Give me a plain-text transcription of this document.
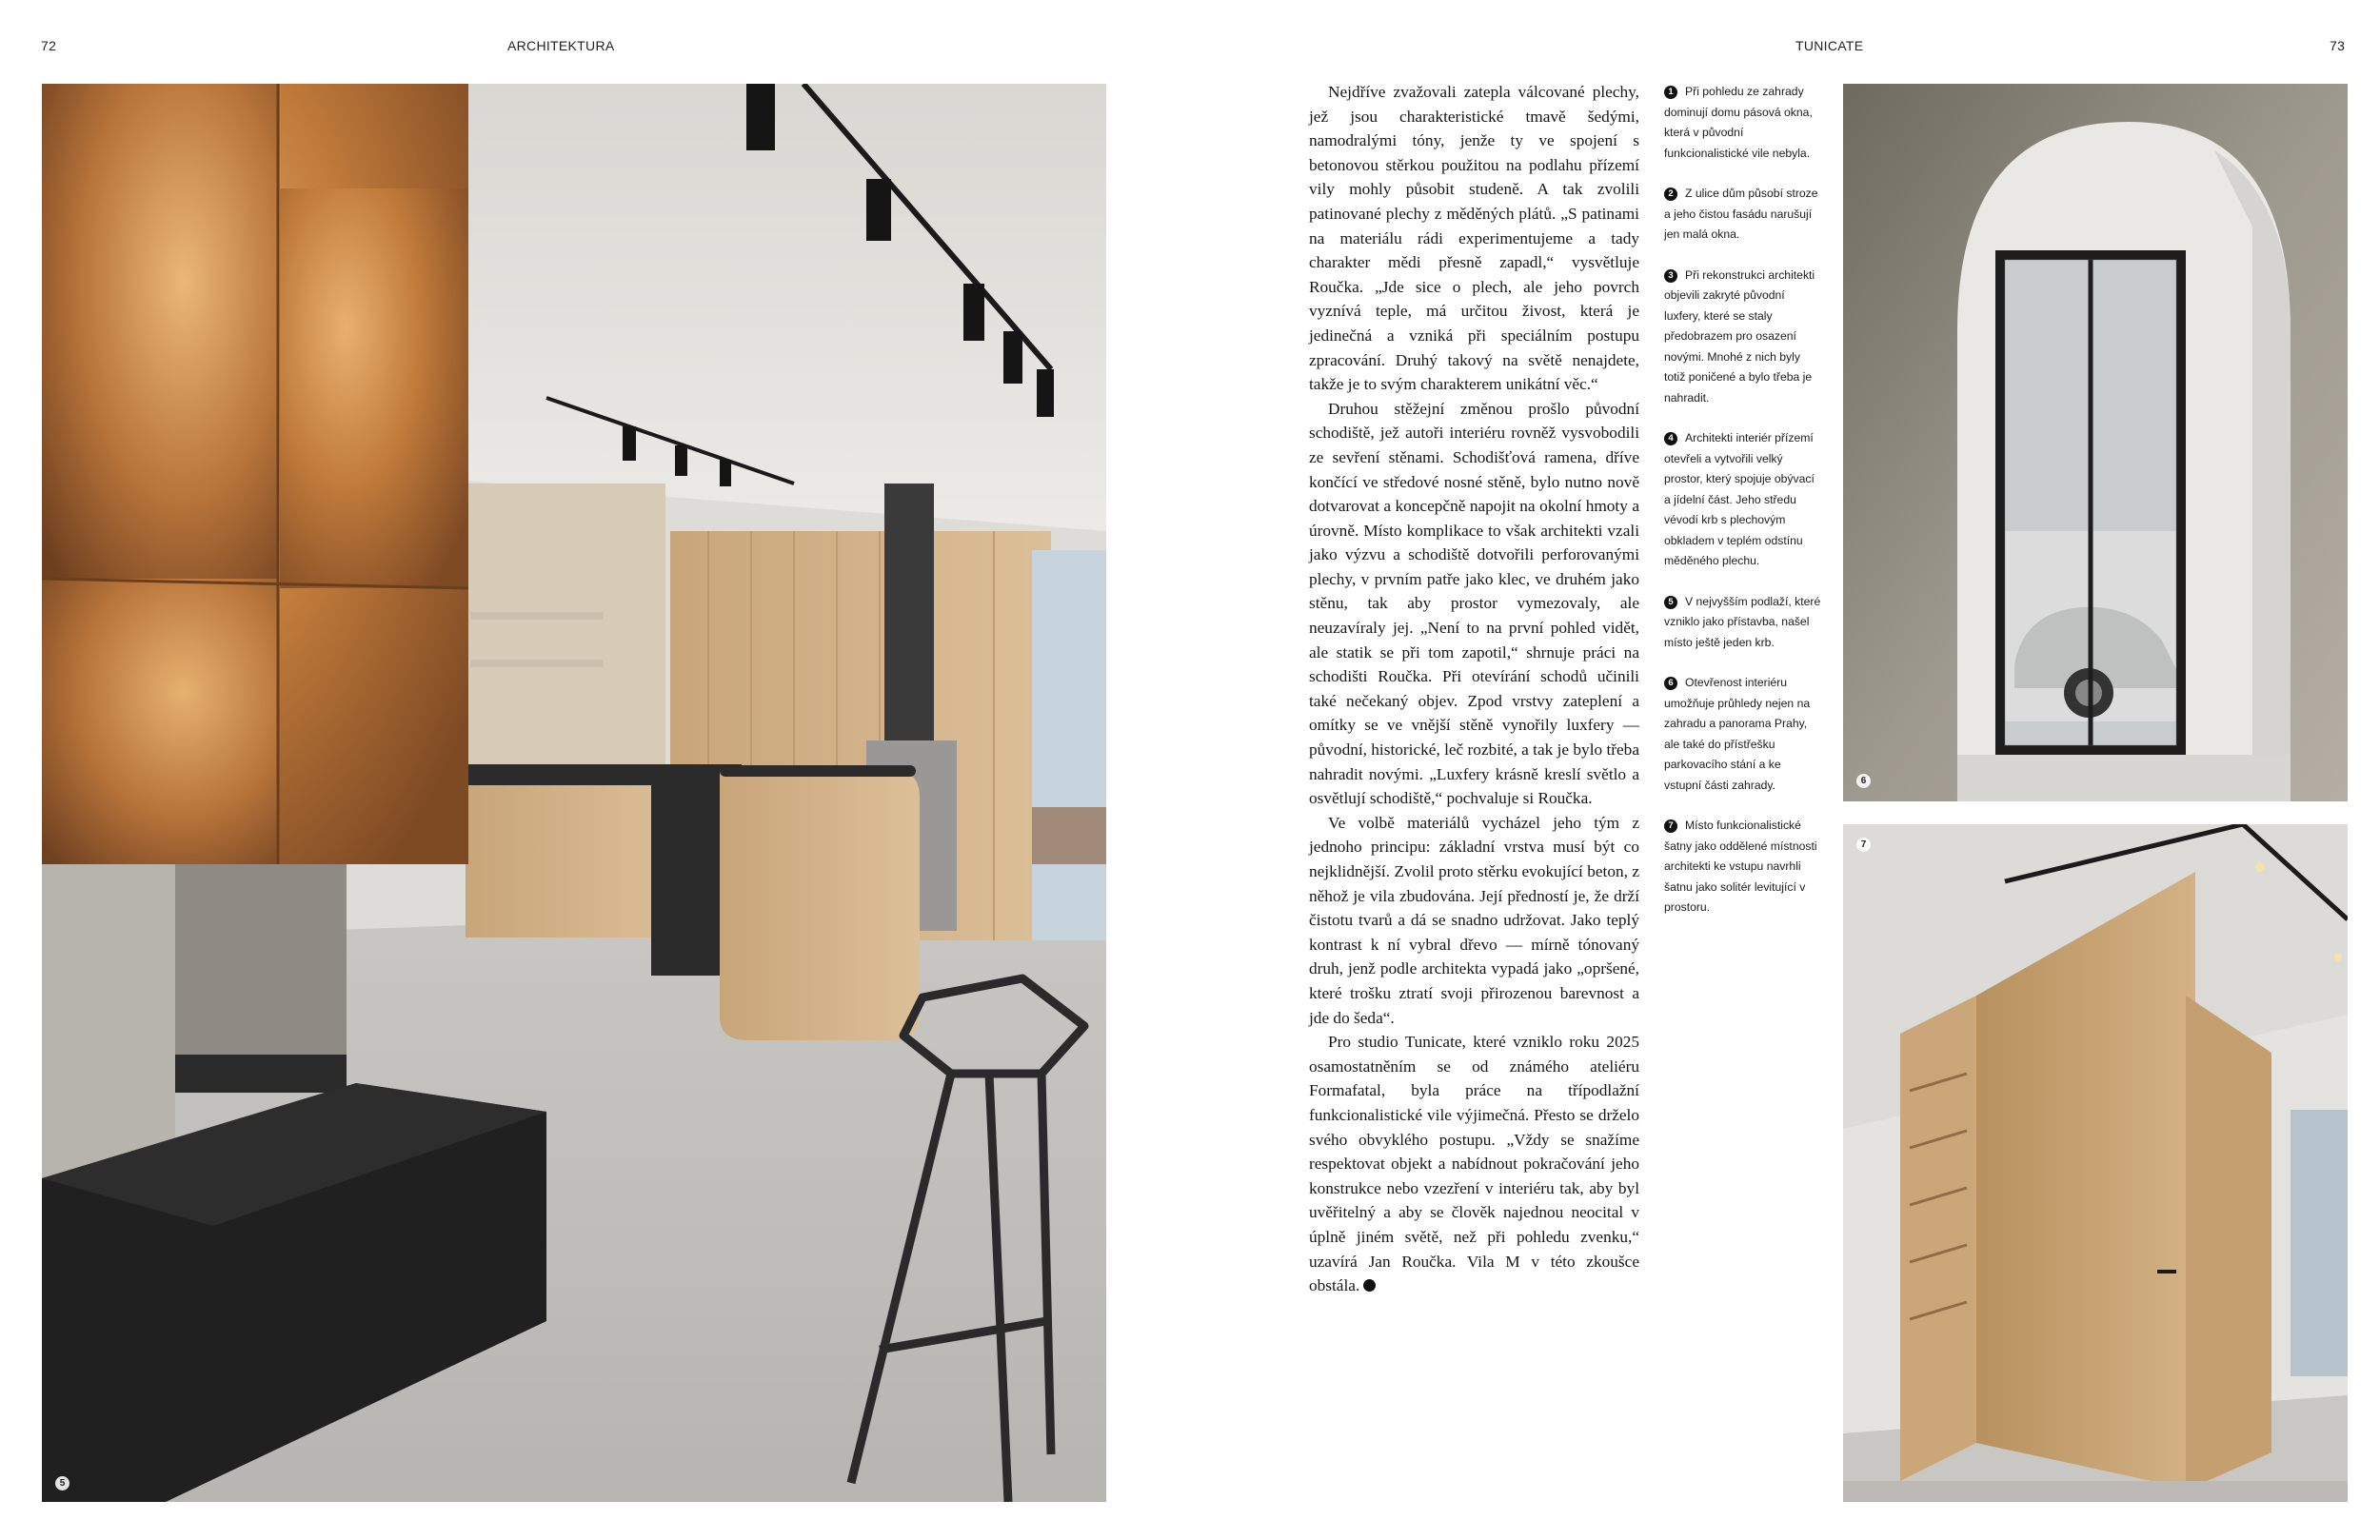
72	ARCHITEKTURA	TUNICATE	73
5

Nejdříve zvažovali zatepla válcované plechy, jež jsou charakteristické tmavě šedými, namodralými tóny, jenže ty ve spojení s betonovou stěrkou použitou na podlahu přízemí vily mohly působit studeně. A tak zvolili patinované plechy z měděných plátů. „S patinami na materiálu rádi experimentujeme a tady charakter mědi přesně zapadl,“ vysvětluje Roučka. „Jde sice o plech, ale jeho povrch vyznívá teple, má určitou živost, která je jedinečná a vzniká při speciálním postupu zpracování. Druhý takový na světě nenajdete, takže je to svým charakterem unikátní věc.“

Druhou stěžejní změnou prošlo původní schodiště, jež autoři interiéru rovněž vysvobodili ze sevření stěnami. Schodišťová ramena, dříve končící ve středové nosné stěně, bylo nutno nově dotvarovat a koncepčně napojit na okolní hmoty a úrovně. Místo komplikace to však architekti vzali jako výzvu a schodiště dotvořili perforovanými plechy, v prvním patře jako klec, ve druhém jako stěnu, tak aby prostor vymezovaly, ale neuzavíraly jej. „Není to na první pohled vidět, ale statik se při tom zapotil,“ shrnuje práci na schodišti Roučka. Při otevírání schodů učinili také nečekaný objev. Zpod vrstvy zateplení a omítky se ve vnější stěně vynořily luxfery — původní, historické, leč rozbité, a tak je bylo třeba nahradit novými. „Luxfery krásně kreslí světlo a osvětlují schodiště,“ pochvaluje si Roučka.

Ve volbě materiálů vycházel jeho tým z jednoho principu: základní vrstva musí být co nejklidnější. Zvolil proto stěrku evokující beton, z něhož je vila zbudována. Její předností je, že drží čistotu tvarů a dá se snadno udržovat. Jako teplý kontrast k ní vybral dřevo — mírně tónovaný druh, jenž podle architekta vypadá jako „opršené, které trošku ztratí svoji přirozenou barevnost a jde do šeda“.

Pro studio Tunicate, které vzniklo roku 2025 osamostatněním se od známého ateliéru Formafatal, byla práce na třípodlažní funkcionalistické vile výjimečná. Přesto se drželo svého obvyklého postupu. „Vždy se snažíme respektovat objekt a nabídnout pokračování jeho konstrukce nebo vzezření v interiéru tak, aby byl uvěřitelný a aby se člověk najednou neocital v úplně jiném světě, než při pohledu zvenku,“ uzavírá Jan Roučka. Vila M v této zkoušce obstála.

1 Při pohledu ze zahrady dominují domu pásová okna, která v původní funkcionalistické vile nebyla.

2 Z ulice dům působí stroze a jeho čistou fasádu narušují jen malá okna.

3 Při rekonstrukci architekti objevili zakryté původní luxfery, které se staly předobrazem pro osazení novými. Mnohé z nich byly totiž poničené a bylo třeba je nahradit.

4 Architekti interiér přízemí otevřeli a vytvořili velký prostor, který spojuje obývací a jídelní část. Jeho středu vévodí krb s plechovým obkladem v teplém odstínu měděného plechu.

5 V nejvyšším podlaží, které vzniklo jako přístavba, našel místo ještě jeden krb.

6 Otevřenost interiéru umožňuje průhledy nejen na zahradu a panorama Prahy, ale také do přístřešku parkovacího stání a ke vstupní části zahrady.

7 Místo funkcionalistické šatny jako oddělené místnosti architekti ke vstupu navrhli šatnu jako solitér levitující v prostoru.

6
7
